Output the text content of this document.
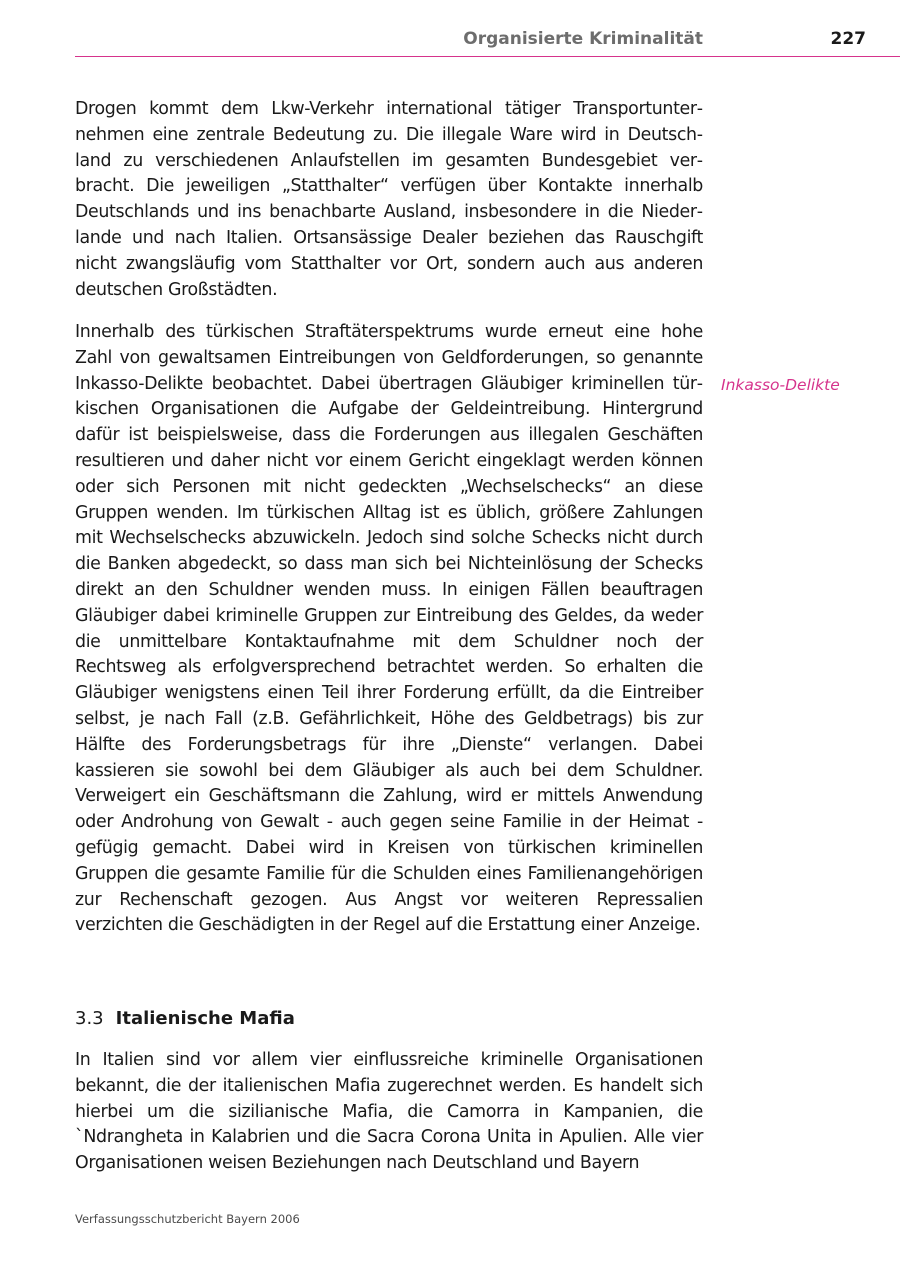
Organisierte Kriminalität	227

Drogen kommt dem Lkw-Verkehr international tätiger Transportunternehmen eine zentrale Bedeutung zu. Die illegale Ware wird in Deutschland zu verschiedenen Anlaufstellen im gesamten Bundesgebiet verbracht. Die jeweiligen „Statthalter“ verfügen über Kontakte innerhalb Deutschlands und ins benachbarte Ausland, insbesondere in die Niederlande und nach Italien. Ortsansässige Dealer beziehen das Rauschgift nicht zwangsläufig vom Statthalter vor Ort, sondern auch aus anderen deutschen Großstädten.

Innerhalb des türkischen Straftäterspektrums wurde erneut eine hohe Zahl von gewaltsamen Eintreibungen von Geldforderungen, so genannte Inkasso-Delikte beobachtet. Dabei übertragen Gläubiger kriminellen türkischen Organisationen die Aufgabe der Geldeintreibung. Hintergrund dafür ist beispielsweise, dass die Forderungen aus illegalen Geschäften resultieren und daher nicht vor einem Gericht eingeklagt werden können oder sich Personen mit nicht gedeckten „Wechselschecks“ an diese Gruppen wenden. Im türkischen Alltag ist es üblich, größere Zahlungen mit Wechselschecks abzuwickeln. Jedoch sind solche Schecks nicht durch die Banken abgedeckt, so dass man sich bei Nichteinlösung der Schecks direkt an den Schuldner wenden muss. In einigen Fällen beauftragen Gläubiger dabei kriminelle Gruppen zur Eintreibung des Geldes, da weder die unmittelbare Kontaktaufnahme mit dem Schuldner noch der Rechtsweg als erfolgversprechend betrachtet werden. So erhalten die Gläubiger wenigstens einen Teil ihrer Forderung erfüllt, da die Eintreiber selbst, je nach Fall (z.B. Gefährlichkeit, Höhe des Geldbetrags) bis zur Hälfte des Forderungsbetrags für ihre „Dienste“ verlangen. Dabei kassieren sie sowohl bei dem Gläubiger als auch bei dem Schuldner. Verweigert ein Geschäftsmann die Zahlung, wird er mittels Anwendung oder Androhung von Gewalt - auch gegen seine Familie in der Heimat - gefügig gemacht. Dabei wird in Kreisen von türkischen kriminellen Gruppen die gesamte Familie für die Schulden eines Familienangehörigen zur Rechenschaft gezogen. Aus Angst vor weiteren Repressalien verzichten die Geschädigten in der Regel auf die Erstattung einer Anzeige.

Inkasso-Delikte
3.3 Italienische Mafia

In Italien sind vor allem vier einflussreiche kriminelle Organisationen bekannt, die der italienischen Mafia zugerechnet werden. Es handelt sich hierbei um die sizilianische Mafia, die Camorra in Kampanien, die `Ndrangheta in Kalabrien und die Sacra Corona Unita in Apulien. Alle vier Organisationen weisen Beziehungen nach Deutschland und Bayern

Verfassungsschutzbericht Bayern 2006
